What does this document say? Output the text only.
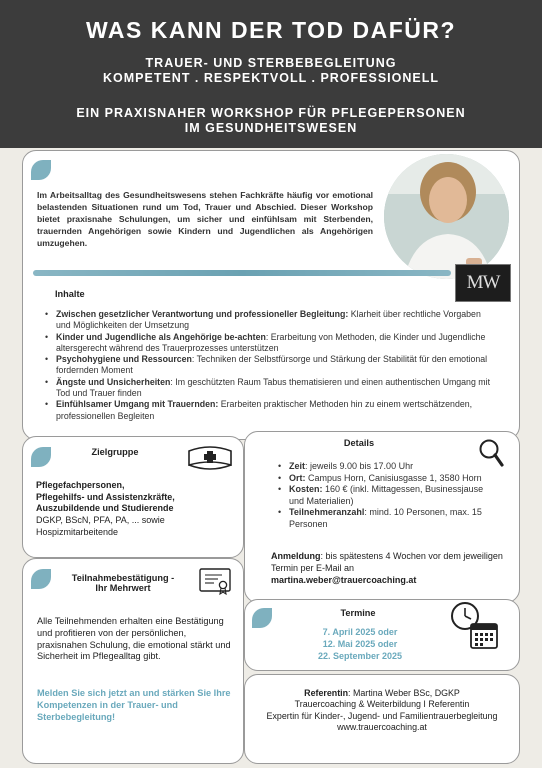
WAS KANN DER TOD DAFÜR?
TRAUER- UND STERBEBEGLEITUNG
KOMPETENT . RESPEKTVOLL . PROFESSIONELL
EIN PRAXISNAHER WORKSHOP FÜR PFLEGEPERSONEN
IM GESUNDHEITSWESEN
Im Arbeitsalltag des Gesundheitswesens stehen Fachkräfte häufig vor emotional belastenden Situationen rund um Tod, Trauer und Abschied. Dieser Workshop bietet praxisnahe Schulungen, um sicher und einfühlsam mit Sterbenden, trauernden Angehörigen sowie Kindern und Jugendlichen als Angehörigen umzugehen.
MW
Inhalte
• Zwischen gesetzlicher Verantwortung und professioneller Begleitung: Klarheit über rechtliche Vorgaben und Möglichkeiten der Umsetzung
• Kinder und Jugendliche als Angehörige be-achten: Erarbeitung von Methoden, die Kinder und Jugendliche altersgerecht während des Trauerprozesses unterstützen
• Psychohygiene und Ressourcen: Techniken der Selbstfürsorge und Stärkung der Stabilität für den emotional fordernden Moment
• Ängste und Unsicherheiten: Im geschützten Raum Tabus thematisieren und einen authentischen Umgang mit Tod und Trauer finden
• Einfühlsamer Umgang mit Trauernden: Erarbeiten praktischer Methoden hin zu einem wertschätzenden, professionellen Begleiten
Zielgruppe
Pflegefachpersonen,
Pflegehilfs- und Assistenzkräfte,
Auszubildende und Studierende
DGKP, BScN, PFA, PA, ... sowie
Hospizmitarbeitende
Details
• Zeit: jeweils 9.00 bis 17.00 Uhr
• Ort: Campus Horn, Canisiusgasse 1, 3580 Horn
• Kosten: 160 € (inkl. Mittagessen, Businessjause und Materialien)
• Teilnehmeranzahl: mind. 10 Personen, max. 15 Personen
Anmeldung: bis spätestens 4 Wochen vor dem jeweiligen Termin per E-Mail an
martina.weber@trauercoaching.at
Teilnahmebestätigung -
Ihr Mehrwert
Alle Teilnehmenden erhalten eine Bestätigung und profitieren von der persönlichen, praxisnahen Schulung, die emotional stärkt und Sicherheit im Pflegealltag gibt.
Melden Sie sich jetzt an und stärken Sie Ihre Kompetenzen in der Trauer- und Sterbebegleitung!
Termine
7. April 2025 oder
12. Mai 2025 oder
22. September 2025
Referentin: Martina Weber BSc, DGKP
Trauercoaching & Weiterbildung I Referentin
Expertin für Kinder-, Jugend- und Familientrauerbegleitung
www.trauercoaching.at
